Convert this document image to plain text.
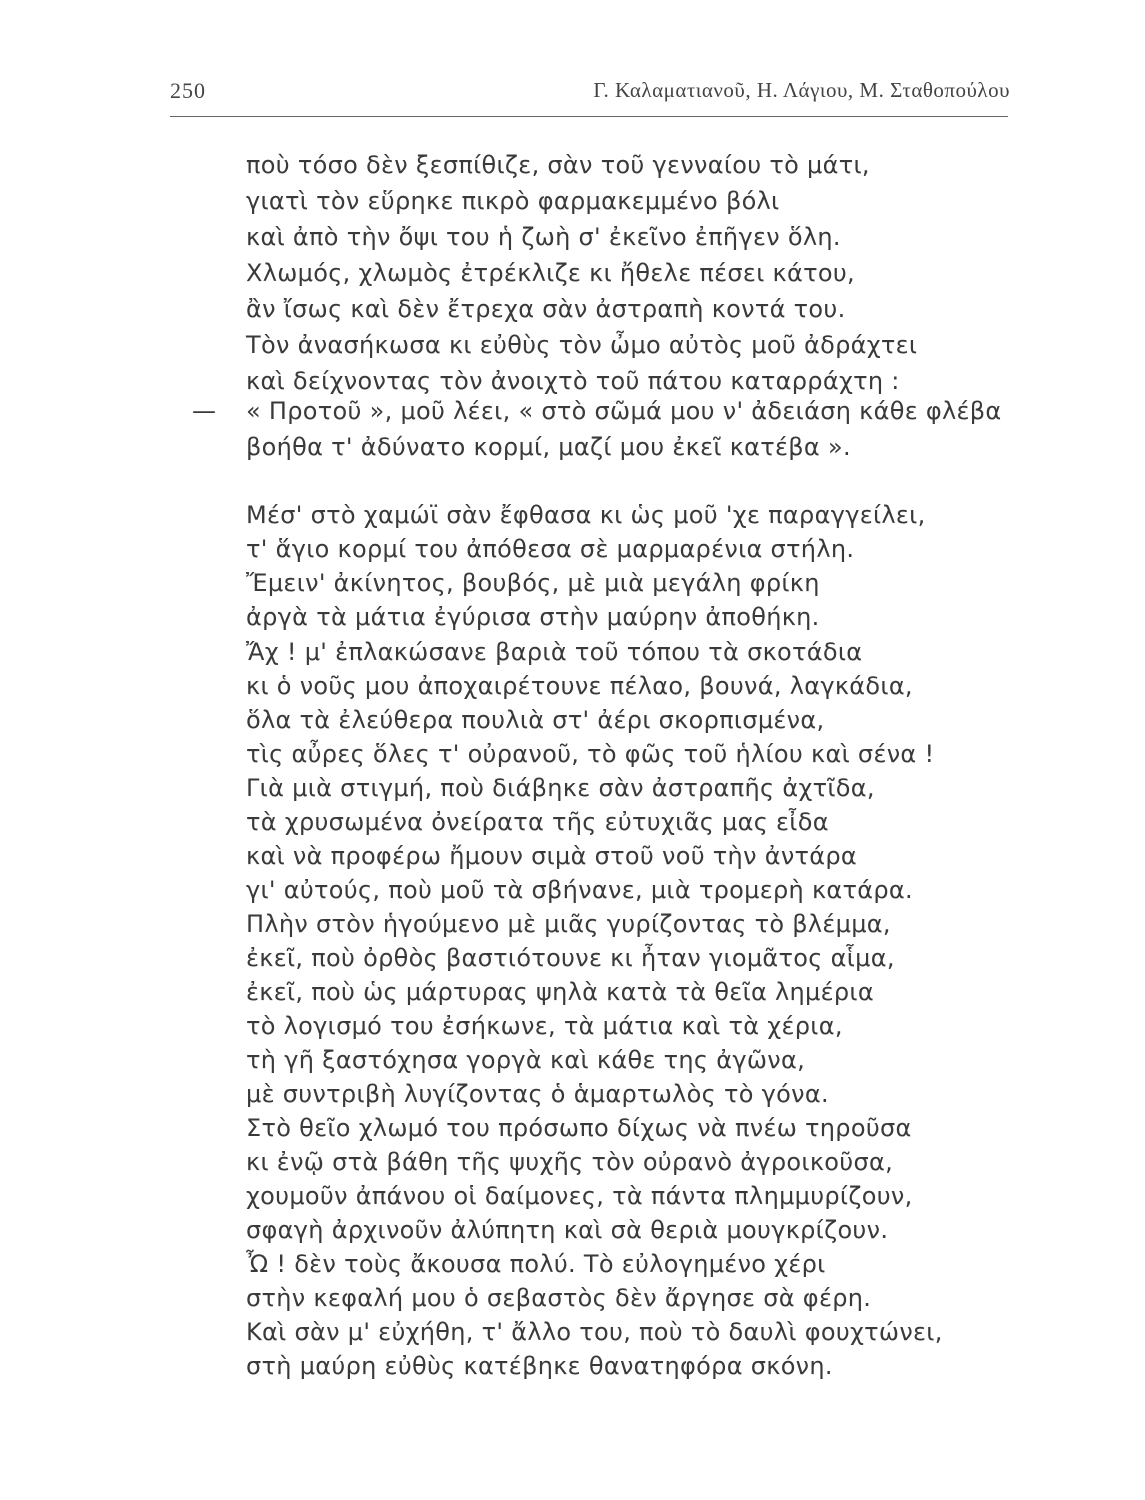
250	Γ. Καλαματιανοῦ, Η. Λάγιου, Μ. Σταθοπούλου
ποὺ τόσο δὲν ξεσπίθιζε, σὰν τοῦ γενναίου τὸ μάτι,
γιατὶ τὸν εὕρηκε πικρὸ φαρμακεμμένο βόλι
καὶ ἀπὸ τὴν ὄψι του ἡ ζωὴ σ' ἐκεῖνο ἐπῆγεν ὅλη.
Χλωμός, χλωμὸς ἐτρέκλιζε κι ἤθελε πέσει κάτου,
ἂν ἴσως καὶ δὲν ἔτρεχα σὰν ἀστραπὴ κοντά του.
Τὸν ἀνασήκωσα κι εὐθὺς τὸν ὦμο αὐτὸς μοῦ ἀδράχτει
καὶ δείχνοντας τὸν ἀνοιχτὸ τοῦ πάτου καταρράχτη :
— « Προτοῦ », μοῦ λέει, « στὸ σῶμά μου ν' ἀδειάση κάθε φλέβα
βοήθα τ' ἀδύνατο κορμί, μαζί μου ἐκεῖ κατέβα ».
Μέσ' στὸ χαμώϊ σὰν ἔφθασα κι ὡς μοῦ 'χε παραγγείλει,
τ' ἅγιο κορμί του ἀπόθεσα σὲ μαρμαρένια στήλη.
Ἔμειν' ἀκίνητος, βουβός, μὲ μιὰ μεγάλη φρίκη
ἀργὰ τὰ μάτια ἐγύρισα στὴν μαύρην ἀποθήκη.
Ἄχ ! μ' ἐπλακώσανε βαριὰ τοῦ τόπου τὰ σκοτάδια
κι ὁ νοῦς μου ἀποχαιρέτουνε πέλαο, βουνά, λαγκάδια,
ὅλα τὰ ἐλεύθερα πουλιὰ στ' ἀέρι σκορπισμένα,
τὶς αὖρες ὅλες τ' οὐρανοῦ, τὸ φῶς τοῦ ἡλίου καὶ σένα !
Γιὰ μιὰ στιγμή, ποὺ διάβηκε σὰν ἀστραπῆς ἀχτῖδα,
τὰ χρυσωμένα ὀνείρατα τῆς εὐτυχιᾶς μας εἶδα
καὶ νὰ προφέρω ἤμουν σιμὰ στοῦ νοῦ τὴν ἀντάρα
γι' αὐτούς, ποὺ μοῦ τὰ σβήνανε, μιὰ τρομερὴ κατάρα.
Πλὴν στὸν ἡγούμενο μὲ μιᾶς γυρίζοντας τὸ βλέμμα,
ἐκεῖ, ποὺ ὀρθὸς βαστιότουνε κι ἦταν γιομᾶτος αἷμα,
ἐκεῖ, ποὺ ὡς μάρτυρας ψηλὰ κατὰ τὰ θεῖα λημέρια
τὸ λογισμό του ἐσήκωνε, τὰ μάτια καὶ τὰ χέρια,
τὴ γῆ ξαστόχησα γοργὰ καὶ κάθε της ἀγῶνα,
μὲ συντριβὴ λυγίζοντας ὁ ἁμαρτωλὸς τὸ γόνα.
Στὸ θεῖο χλωμό του πρόσωπο δίχως νὰ πνέω τηροῦσα
κι ἐνῷ στὰ βάθη τῆς ψυχῆς τὸν οὐρανὸ ἀγροικοῦσα,
χουμοῦν ἀπάνου οἱ δαίμονες, τὰ πάντα πλημμυρίζουν,
σφαγὴ ἀρχινοῦν ἀλύπητη καὶ σὰ θεριὰ μουγκρίζουν.
Ὦ ! δὲν τοὺς ἄκουσα πολύ. Τὸ εὐλογημένο χέρι
στὴν κεφαλή μου ὁ σεβαστὸς δὲν ἄργησε σὰ φέρη.
Καὶ σὰν μ' εὐχήθη, τ' ἄλλο του, ποὺ τὸ δαυλὶ φουχτώνει,
στὴ μαύρη εὐθὺς κατέβηκε θανατηφόρα σκόνη.
